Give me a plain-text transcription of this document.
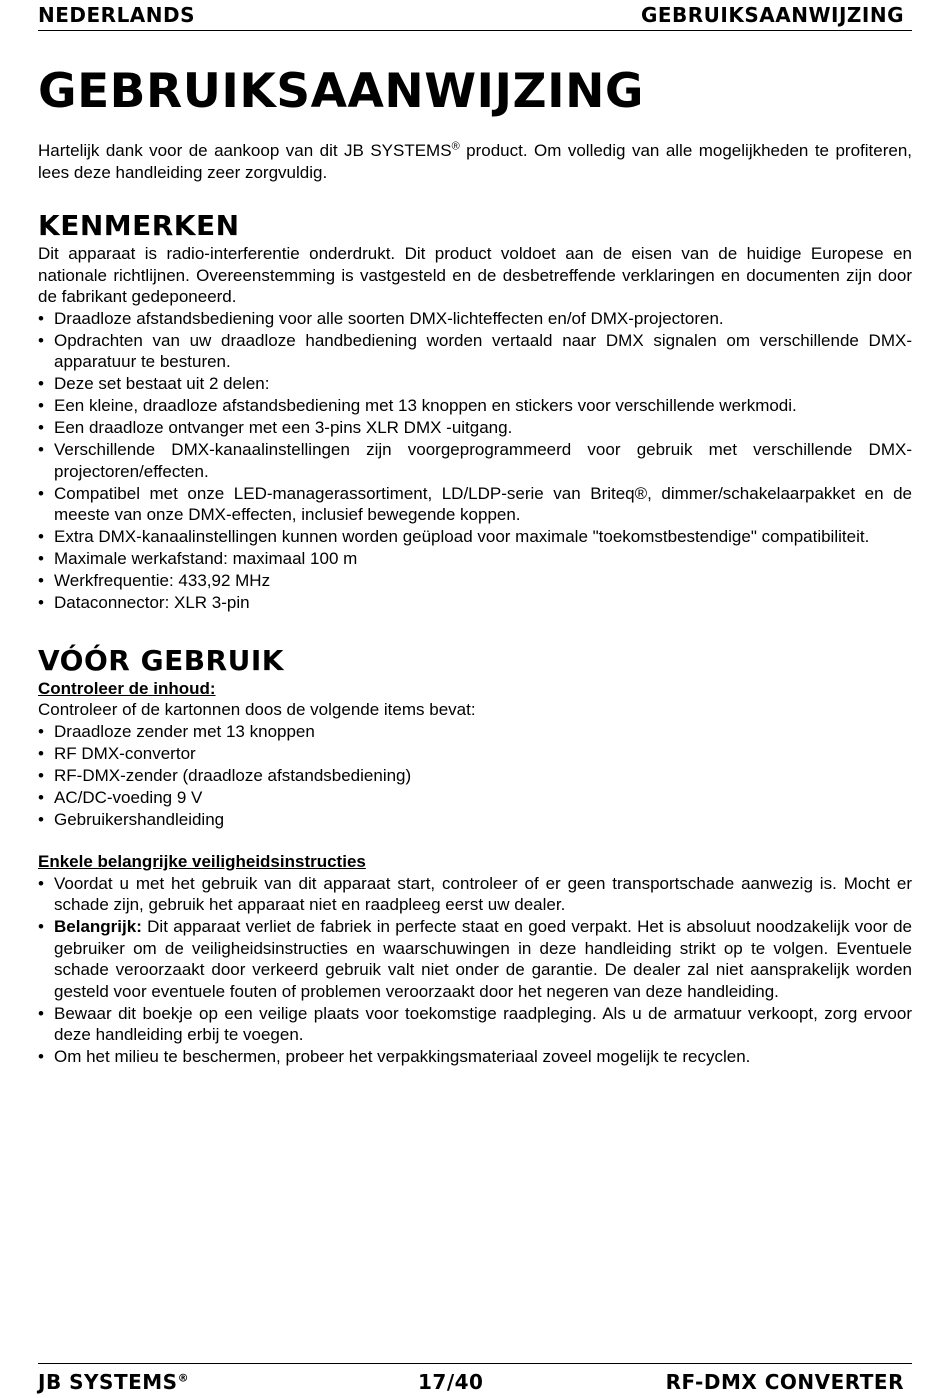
NEDERLANDS	GEBRUIKSAANWIJZING
GEBRUIKSAANWIJZING

Hartelijk dank voor de aankoop van dit JB SYSTEMS® product. Om volledig van alle mogelijkheden te profiteren, lees deze handleiding zeer zorgvuldig.

KENMERKEN

Dit apparaat is radio-interferentie onderdrukt. Dit product voldoet aan de eisen van de huidige Europese en nationale richtlijnen. Overeenstemming is vastgesteld en de desbetreffende verklaringen en documenten zijn door de fabrikant gedeponeerd.

• Draadloze afstandsbediening voor alle soorten DMX-lichteffecten en/of DMX-projectoren.
• Opdrachten van uw draadloze handbediening worden vertaald naar DMX signalen om verschillende DMX-apparatuur te besturen.
• Deze set bestaat uit 2 delen:
• Een kleine, draadloze afstandsbediening met 13 knoppen en stickers voor verschillende werkmodi.
• Een draadloze ontvanger met een 3-pins XLR DMX -uitgang.
• Verschillende DMX-kanaalinstellingen zijn voorgeprogrammeerd voor gebruik met verschillende DMX-projectoren/effecten.
• Compatibel met onze LED-managerassortiment, LD/LDP-serie van Briteq®, dimmer/schakelaarpakket en de meeste van onze DMX-effecten, inclusief bewegende koppen.
• Extra DMX-kanaalinstellingen kunnen worden geüpload voor maximale "toekomstbestendige" compatibiliteit.
• Maximale werkafstand: maximaal 100 m
• Werkfrequentie: 433,92 MHz
• Dataconnector: XLR 3-pin
VÓÓR GEBRUIK
Controleer de inhoud:

Controleer of de kartonnen doos de volgende items bevat:

• Draadloze zender met 13 knoppen
• RF DMX-convertor
• RF-DMX-zender (draadloze afstandsbediening)
• AC/DC-voeding 9 V
• Gebruikershandleiding
Enkele belangrijke veiligheidsinstructies
• Voordat u met het gebruik van dit apparaat start, controleer of er geen transportschade aanwezig is. Mocht er schade zijn, gebruik het apparaat niet en raadpleeg eerst uw dealer.
• Belangrijk: Dit apparaat verliet de fabriek in perfecte staat en goed verpakt. Het is absoluut noodzakelijk voor de gebruiker om de veiligheidsinstructies en waarschuwingen in deze handleiding strikt op te volgen. Eventuele schade veroorzaakt door verkeerd gebruik valt niet onder de garantie. De dealer zal niet aansprakelijk worden gesteld voor eventuele fouten of problemen veroorzaakt door het negeren van deze handleiding.
• Bewaar dit boekje op een veilige plaats voor toekomstige raadpleging. Als u de armatuur verkoopt, zorg ervoor deze handleiding erbij te voegen.
• Om het milieu te beschermen, probeer het verpakkingsmateriaal zoveel mogelijk te recyclen.
JB SYSTEMS®	17/40	RF-DMX CONVERTER
